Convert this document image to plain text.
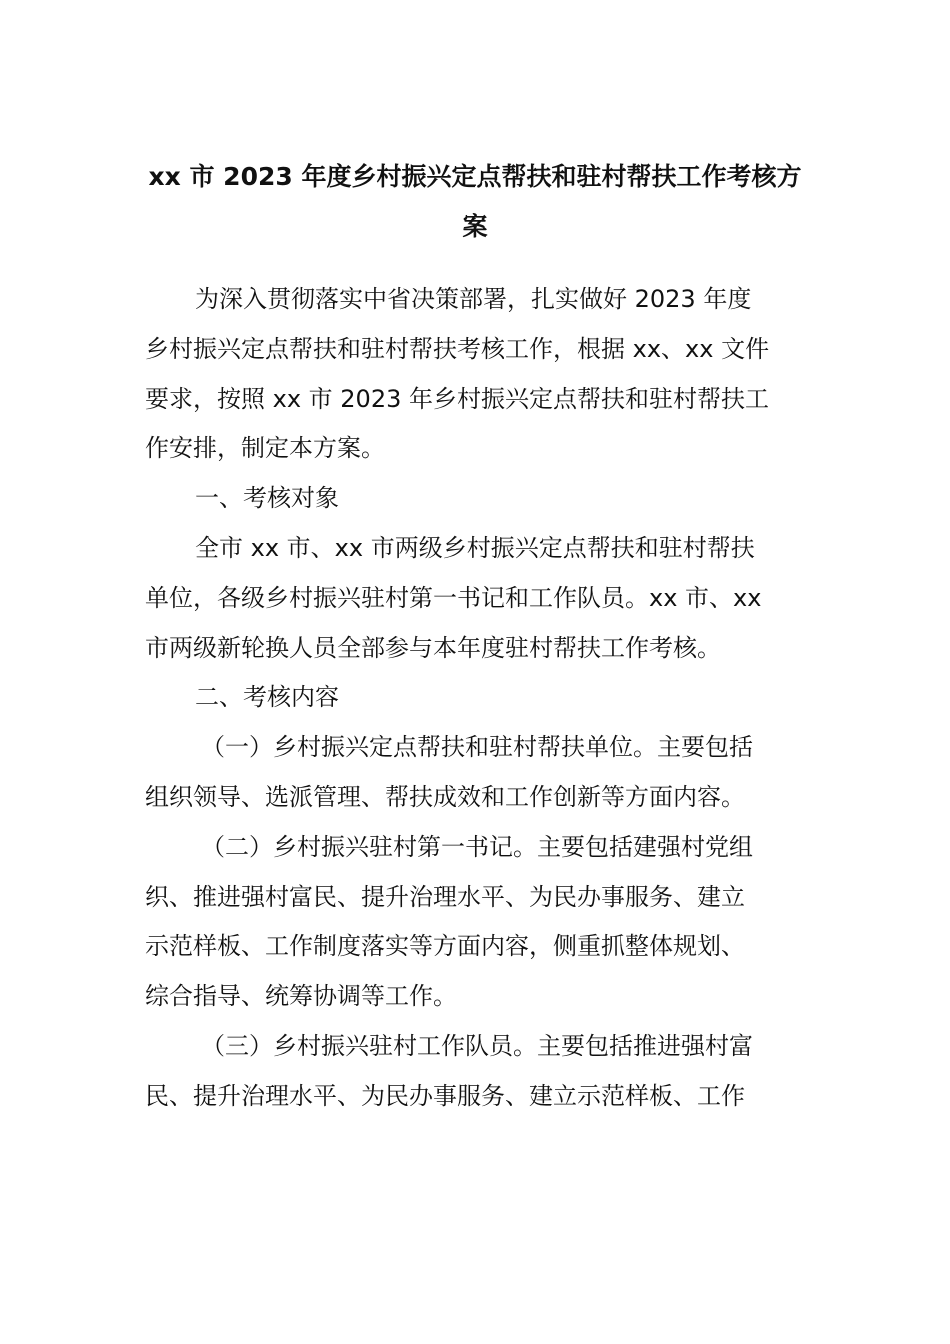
xx 市 2023 年度乡村振兴定点帮扶和驻村帮扶工作考核方
案
为深入贯彻落实中省决策部署，扎实做好 2023 年度
乡村振兴定点帮扶和驻村帮扶考核工作，根据 xx、xx 文件
要求，按照 xx 市 2023 年乡村振兴定点帮扶和驻村帮扶工
作安排，制定本方案。
一、考核对象
全市 xx 市、xx 市两级乡村振兴定点帮扶和驻村帮扶
单位，各级乡村振兴驻村第一书记和工作队员。xx 市、xx
市两级新轮换人员全部参与本年度驻村帮扶工作考核。
二、考核内容
（一）乡村振兴定点帮扶和驻村帮扶单位。主要包括
组织领导、选派管理、帮扶成效和工作创新等方面内容。
（二）乡村振兴驻村第一书记。主要包括建强村党组
织、推进强村富民、提升治理水平、为民办事服务、建立
示范样板、工作制度落实等方面内容，侧重抓整体规划、
综合指导、统筹协调等工作。
（三）乡村振兴驻村工作队员。主要包括推进强村富
民、提升治理水平、为民办事服务、建立示范样板、工作
